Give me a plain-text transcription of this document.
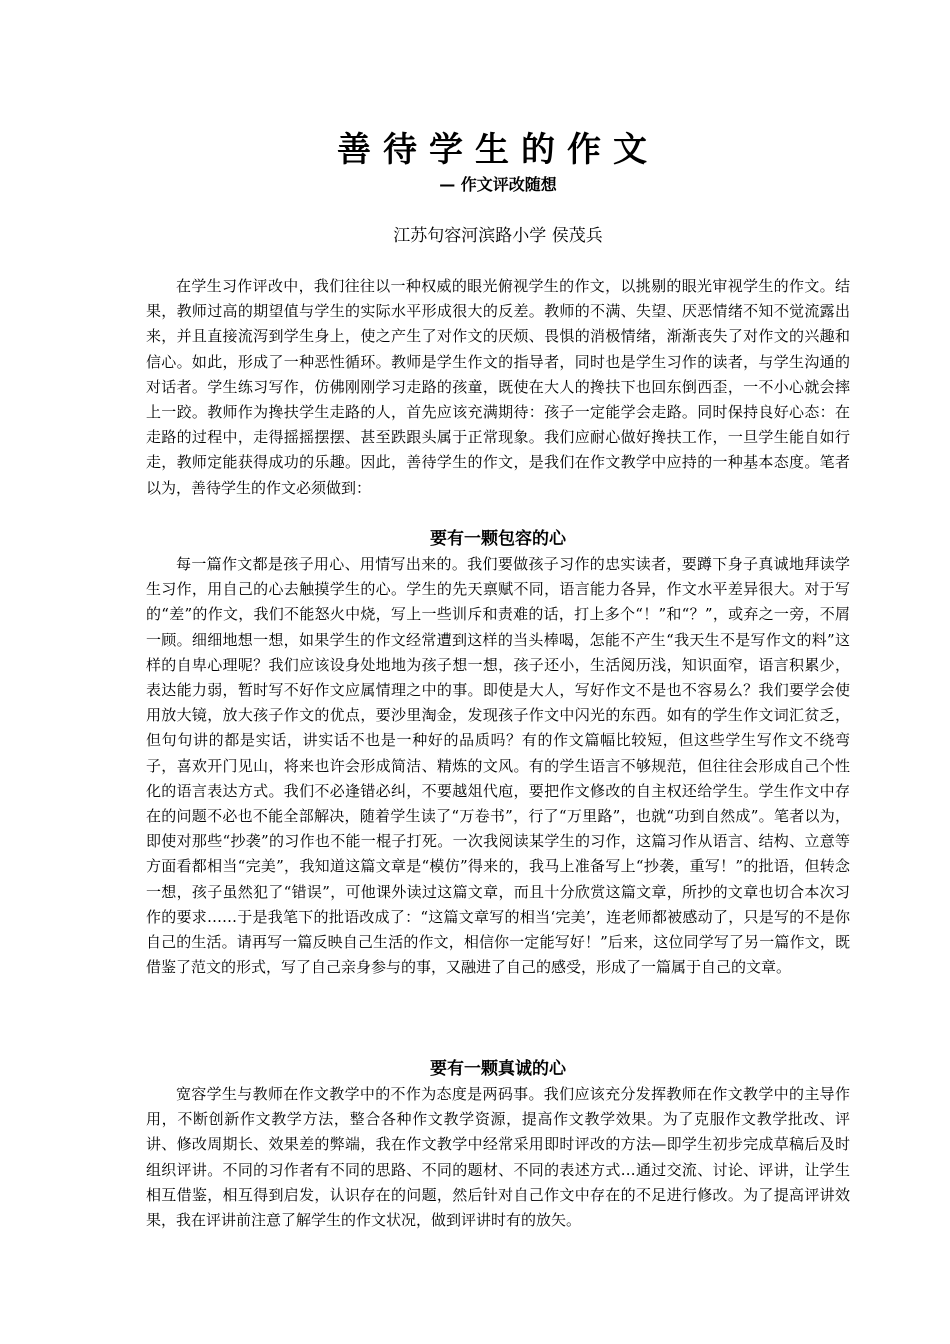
善待学生的作文
— 作文评改随想
江苏句容河滨路小学 侯茂兵

在学生习作评改中，我们往往以一种权威的眼光俯视学生的作文，以挑剔的眼光审视学生的作文。结果，教师过高的期望值与学生的实际水平形成很大的反差。教师的不满、失望、厌恶情绪不知不觉流露出来，并且直接流泻到学生身上，使之产生了对作文的厌烦、畏惧的消极情绪，渐渐丧失了对作文的兴趣和信心。如此，形成了一种恶性循环。教师是学生作文的指导者，同时也是学生习作的读者，与学生沟通的对话者。学生练习写作，仿佛刚刚学习走路的孩童，既使在大人的搀扶下也回东倒西歪，一不小心就会摔上一跤。教师作为搀扶学生走路的人，首先应该充满期待：孩子一定能学会走路。同时保持良好心态：在走路的过程中，走得摇摇摆摆、甚至跌跟头属于正常现象。我们应耐心做好搀扶工作，一旦学生能自如行走，教师定能获得成功的乐趣。因此，善待学生的作文，是我们在作文教学中应持的一种基本态度。笔者以为，善待学生的作文必须做到：

要有一颗包容的心

每一篇作文都是孩子用心、用情写出来的。我们要做孩子习作的忠实读者，要蹲下身子真诚地拜读学生习作，用自己的心去触摸学生的心。学生的先天禀赋不同，语言能力各异，作文水平差异很大。对于写的“差”的作文，我们不能怒火中烧，写上一些训斥和责难的话，打上多个“！”和“？”，或弃之一旁，不屑一顾。细细地想一想，如果学生的作文经常遭到这样的当头棒喝，怎能不产生“我天生不是写作文的料”这样的自卑心理呢？我们应该设身处地地为孩子想一想，孩子还小，生活阅历浅，知识面窄，语言积累少，表达能力弱，暂时写不好作文应属情理之中的事。即使是大人，写好作文不是也不容易么？我们要学会使用放大镜，放大孩子作文的优点，要沙里淘金，发现孩子作文中闪光的东西。如有的学生作文词汇贫乏，但句句讲的都是实话，讲实话不也是一种好的品质吗？有的作文篇幅比较短，但这些学生写作文不绕弯子，喜欢开门见山，将来也许会形成简洁、精炼的文风。有的学生语言不够规范，但往往会形成自己个性化的语言表达方式。我们不必逢错必纠，不要越俎代庖，要把作文修改的自主权还给学生。学生作文中存在的问题不必也不能全部解决，随着学生读了“万卷书”，行了“万里路”，也就“功到自然成”。笔者以为，即使对那些“抄袭”的习作也不能一棍子打死。一次我阅读某学生的习作，这篇习作从语言、结构、立意等方面看都相当“完美”，我知道这篇文章是“模仿”得来的，我马上准备写上“抄袭，重写！”的批语，但转念一想，孩子虽然犯了“错误”，可他课外读过这篇文章，而且十分欣赏这篇文章，所抄的文章也切合本次习作的要求……于是我笔下的批语改成了：“这篇文章写的相当‘完美’，连老师都被感动了，只是写的不是你自己的生活。请再写一篇反映自己生活的作文，相信你一定能写好！”后来，这位同学写了另一篇作文，既借鉴了范文的形式，写了自己亲身参与的事，又融进了自己的感受，形成了一篇属于自己的文章。

要有一颗真诚的心

宽容学生与教师在作文教学中的不作为态度是两码事。我们应该充分发挥教师在作文教学中的主导作用，不断创新作文教学方法，整合各种作文教学资源，提高作文教学效果。为了克服作文教学批改、评讲、修改周期长、效果差的弊端，我在作文教学中经常采用即时评改的方法—即学生初步完成草稿后及时组织评讲。不同的习作者有不同的思路、不同的题材、不同的表述方式…通过交流、讨论、评讲，让学生相互借鉴，相互得到启发，认识存在的问题，然后针对自己作文中存在的不足进行修改。为了提高评讲效果，我在评讲前注意了解学生的作文状况，做到评讲时有的放矢。
